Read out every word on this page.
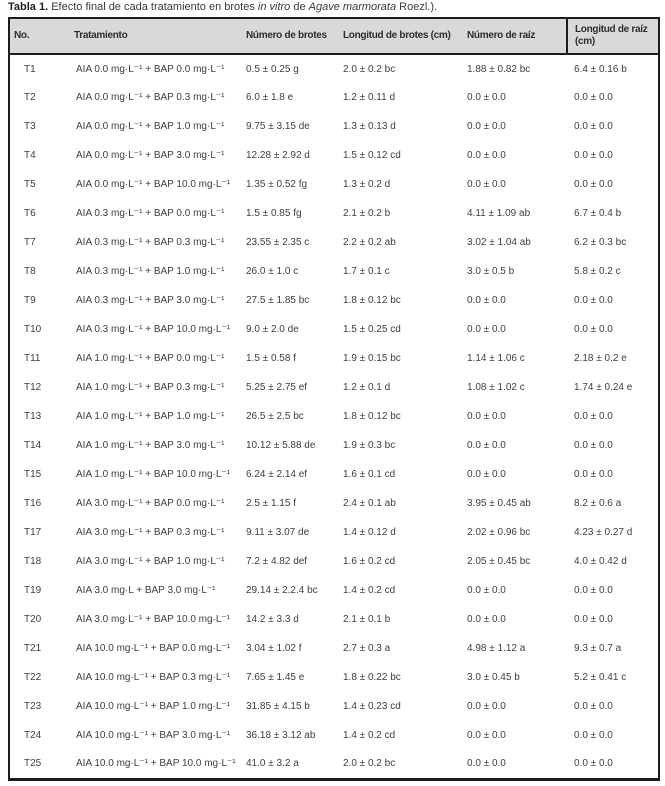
Tabla 1. Efecto final de cada tratamiento en brotes in vitro de Agave marmorata Roezl.).
No.	Tratamiento	Número de brotes	Longitud de brotes (cm)	Número de raíz	Longitud de raíz (cm)
T1	AIA 0.0 mg·L⁻¹ + BAP 0.0 mg·L⁻¹	0.5 ± 0.25 g	2.0 ± 0.2 bc	1.88 ± 0.82 bc	6.4 ± 0.16 b
T2	AIA 0.0 mg·L⁻¹ + BAP 0.3 mg·L⁻¹	6.0 ± 1.8 e	1.2 ± 0.11 d	0.0 ± 0.0	0.0 ± 0.0
T3	AIA 0.0 mg·L⁻¹ + BAP 1.0 mg·L⁻¹	9.75 ± 3.15 de	1.3 ± 0.13 d	0.0 ± 0.0	0.0 ± 0.0
T4	AIA 0.0 mg·L⁻¹ + BAP 3.0 mg·L⁻¹	12.28 ± 2.92 d	1.5 ± 0.12 cd	0.0 ± 0.0	0.0 ± 0.0
T5	AIA 0.0 mg·L⁻¹ + BAP 10.0 mg·L⁻¹	1.35 ± 0.52 fg	1.3 ± 0.2 d	0.0 ± 0.0	0.0 ± 0.0
T6	AIA 0.3 mg·L⁻¹ + BAP 0.0 mg·L⁻¹	1.5 ± 0.85 fg	2.1 ± 0.2 b	4.11 ± 1.09 ab	6.7 ± 0.4 b
T7	AIA 0.3 mg·L⁻¹ + BAP 0.3 mg·L⁻¹	23.55 ± 2.35 c	2.2 ± 0.2 ab	3.02 ± 1.04 ab	6.2 ± 0.3 bc
T8	AIA 0.3 mg·L⁻¹ + BAP 1.0 mg·L⁻¹	26.0 ± 1.0 c	1.7 ± 0.1 c	3.0 ± 0.5 b	5.8 ± 0.2 c
T9	AIA 0.3 mg·L⁻¹ + BAP 3.0 mg·L⁻¹	27.5 ± 1.85 bc	1.8 ± 0.12 bc	0.0 ± 0.0	0.0 ± 0.0
T10	AIA 0.3 mg·L⁻¹ + BAP 10.0 mg·L⁻¹	9.0 ± 2.0 de	1.5 ± 0.25 cd	0.0 ± 0.0	0.0 ± 0.0
T11	AIA 1.0 mg·L⁻¹ + BAP 0.0 mg·L⁻¹	1.5 ± 0.58 f	1.9 ± 0.15 bc	1.14 ± 1.06 c	2.18 ± 0.2 e
T12	AIA 1.0 mg·L⁻¹ + BAP 0.3 mg·L⁻¹	5.25 ± 2.75 ef	1.2 ± 0.1 d	1.08 ± 1.02 c	1.74 ± 0.24 e
T13	AIA 1.0 mg·L⁻¹ + BAP 1.0 mg·L⁻¹	26.5 ± 2.5 bc	1.8 ± 0.12 bc	0.0 ± 0.0	0.0 ± 0.0
T14	AIA 1.0 mg·L⁻¹ + BAP 3.0 mg·L⁻¹	10.12 ± 5.88 de	1.9 ± 0.3 bc	0.0 ± 0.0	0.0 ± 0.0
T15	AIA 1.0 mg·L⁻¹ + BAP 10.0 mg·L⁻¹	6.24 ± 2.14 ef	1.6 ± 0.1 cd	0.0 ± 0.0	0.0 ± 0.0
T16	AIA 3.0 mg·L⁻¹ + BAP 0.0 mg·L⁻¹	2.5 ± 1.15 f	2.4 ± 0.1 ab	3.95 ± 0.45 ab	8.2 ± 0.6 a
T17	AIA 3.0 mg·L⁻¹ + BAP 0.3 mg·L⁻¹	9.11 ± 3.07 de	1.4 ± 0.12 d	2.02 ± 0.96 bc	4.23 ± 0.27 d
T18	AIA 3.0 mg·L⁻¹ + BAP 1.0 mg·L⁻¹	7.2 ± 4.82 def	1.6 ± 0.2 cd	2.05 ± 0.45 bc	4.0 ± 0.42 d
T19	AIA 3.0 mg·L + BAP 3.0 mg·L⁻¹	29.14 ± 2.2.4 bc	1.4 ± 0.2 cd	0.0 ± 0.0	0.0 ± 0.0
T20	AIA 3.0 mg·L⁻¹ + BAP 10.0 mg·L⁻¹	14.2 ± 3.3 d	2.1 ± 0.1 b	0.0 ± 0.0	0.0 ± 0.0
T21	AIA 10.0 mg·L⁻¹ + BAP 0.0 mg·L⁻¹	3.04 ± 1.02 f	2.7 ± 0.3 a	4.98 ± 1.12 a	9.3 ± 0.7 a
T22	AIA 10.0 mg·L⁻¹ + BAP 0.3 mg·L⁻¹	7.65 ± 1.45 e	1.8 ± 0.22 bc	3.0 ± 0.45 b	5.2 ± 0.41 c
T23	AIA 10.0 mg·L⁻¹ + BAP 1.0 mg·L⁻¹	31.85 ± 4.15 b	1.4 ± 0.23 cd	0.0 ± 0.0	0.0 ± 0.0
T24	AIA 10.0 mg·L⁻¹ + BAP 3.0 mg·L⁻¹	36.18 ± 3.12 ab	1.4 ± 0.2 cd	0.0 ± 0.0	0.0 ± 0.0
T25	AIA 10.0 mg·L⁻¹ + BAP 10.0 mg·L⁻¹	41.0 ± 3.2 a	2.0 ± 0.2 bc	0.0 ± 0.0	0.0 ± 0.0
